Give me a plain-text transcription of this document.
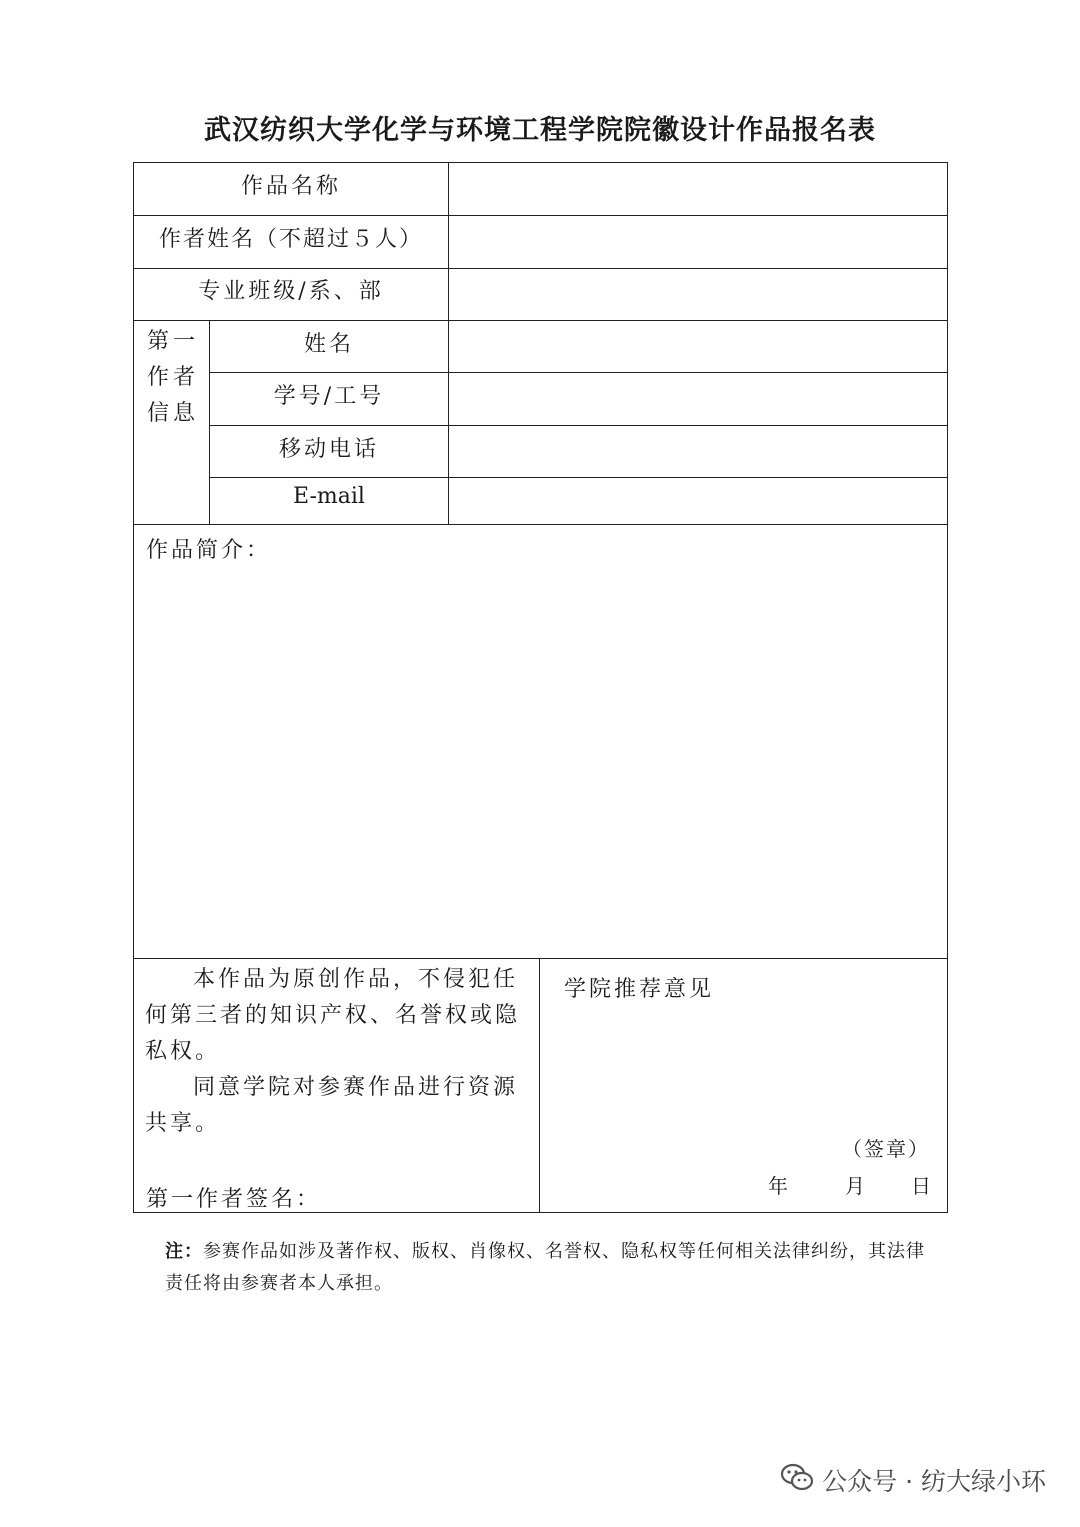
武汉纺织大学化学与环境工程学院院徽设计作品报名表
作品名称
作者姓名（不超过５人）
专业班级/系、部
第一
作者
信息
姓名
学号/工号
移动电话
E-mail
作品简介：

本作品为原创作品，不侵犯任何第三者的知识产权、名誉权或隐私权。

同意学院对参赛作品进行资源共享。

第一作者签名：
学院推荐意见
（签章）
年	月 日
注：参赛作品如涉及著作权、版权、肖像权、名誉权、隐私权等任何相关法律纠纷，其法律责任将由参赛者本人承担。
公众号 · 纺大绿小环
